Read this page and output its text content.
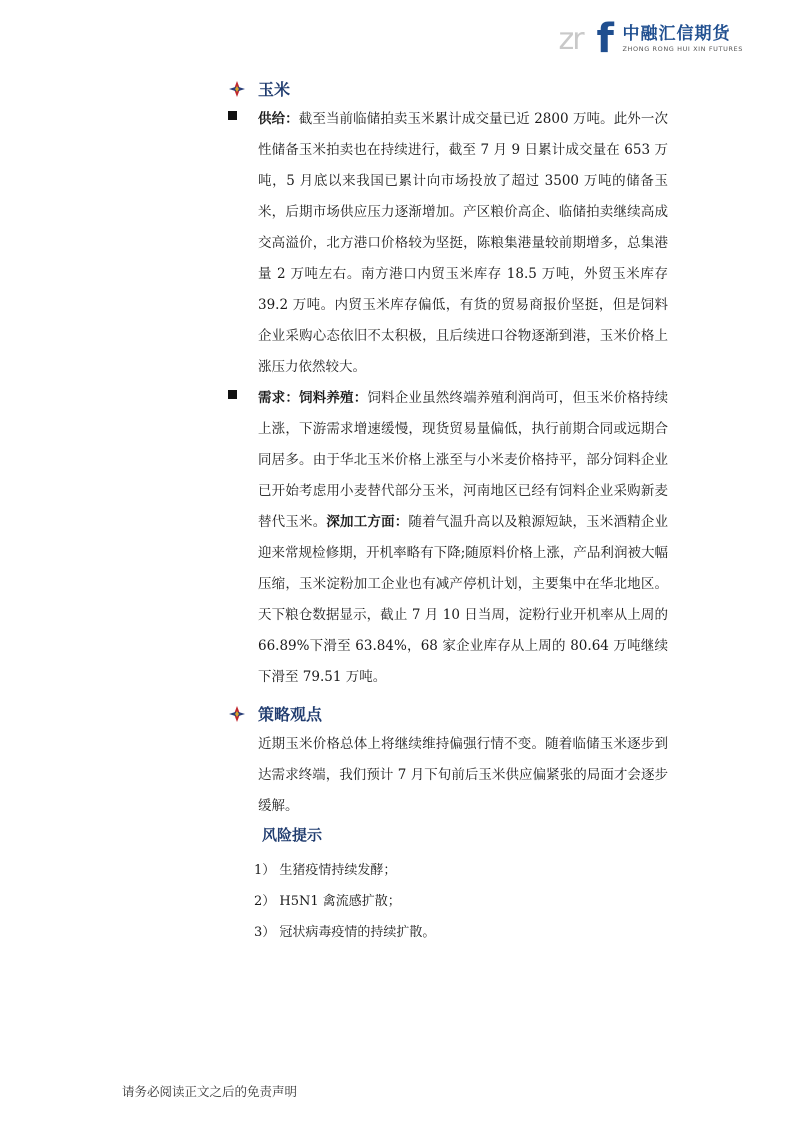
zr f 中融汇信期货
ZHONG RONG HUI XIN FUTURES
玉米
供给：截至当前临储拍卖玉米累计成交量已近 2800 万吨。此外一次性储备玉米拍卖也在持续进行，截至 7 月 9 日累计成交量在 653 万吨，5 月底以来我国已累计向市场投放了超过 3500 万吨的储备玉米，后期市场供应压力逐渐增加。产区粮价高企、临储拍卖继续高成交高溢价，北方港口价格较为坚挺，陈粮集港量较前期增多，总集港量 2 万吨左右。南方港口内贸玉米库存 18.5 万吨，外贸玉米库存 39.2 万吨。内贸玉米库存偏低，有货的贸易商报价坚挺，但是饲料企业采购心态依旧不太积极，且后续进口谷物逐渐到港，玉米价格上涨压力依然较大。
需求：饲料养殖：饲料企业虽然终端养殖利润尚可，但玉米价格持续上涨，下游需求增速缓慢，现货贸易量偏低，执行前期合同或远期合同居多。由于华北玉米价格上涨至与小米麦价格持平，部分饲料企业已开始考虑用小麦替代部分玉米，河南地区已经有饲料企业采购新麦替代玉米。深加工方面：随着气温升高以及粮源短缺，玉米酒精企业迎来常规检修期，开机率略有下降;随原料价格上涨，产品利润被大幅压缩，玉米淀粉加工企业也有减产停机计划，主要集中在华北地区。天下粮仓数据显示，截止 7 月 10 日当周，淀粉行业开机率从上周的 66.89%下滑至 63.84%，68 家企业库存从上周的 80.64 万吨继续下滑至 79.51 万吨。
策略观点
近期玉米价格总体上将继续维持偏强行情不变。随着临储玉米逐步到达需求终端，我们预计 7 月下旬前后玉米供应偏紧张的局面才会逐步缓解。
风险提示
1） 生猪疫情持续发酵；
2） H5N1 禽流感扩散；
3） 冠状病毒疫情的持续扩散。
请务必阅读正文之后的免责声明
